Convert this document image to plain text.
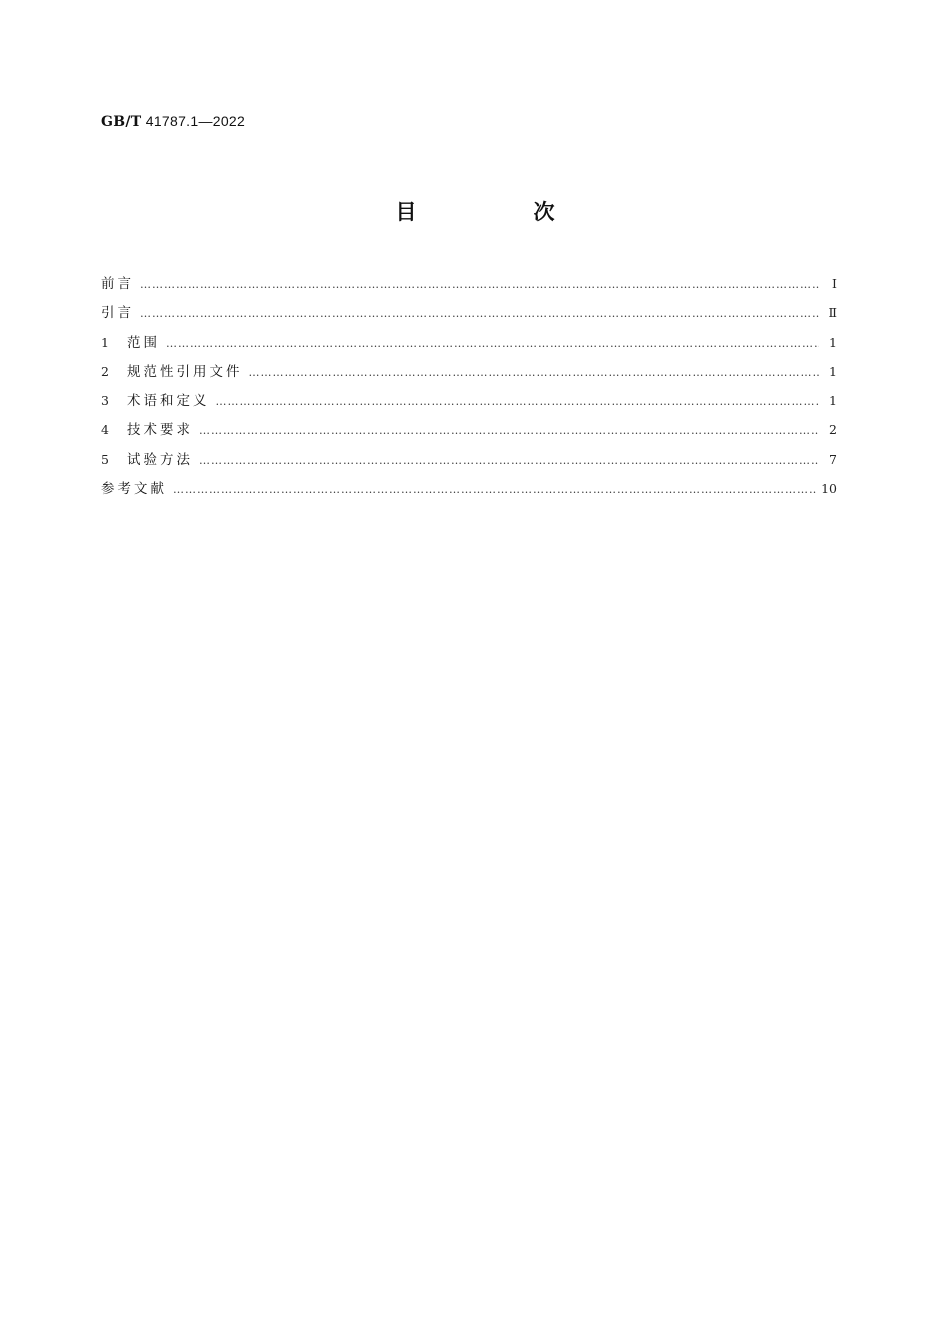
GB/T 41787.1—2022
目　次
前言 ……………………………………………………………………………………………………………………………………………………………………………………………………………………………………	Ⅰ
引言 ……………………………………………………………………………………………………………………………………………………………………………………………………………………………………	Ⅱ
1	范围 ……………………………………………………………………………………………………………………………………………………………………………………………………………………………………	1
2	规范性引用文件 ……………………………………………………………………………………………………………………………………………………………………………………………………………………………………	1
3	术语和定义 ……………………………………………………………………………………………………………………………………………………………………………………………………………………………………	1
4	技术要求 ……………………………………………………………………………………………………………………………………………………………………………………………………………………………………	2
5	试验方法 ……………………………………………………………………………………………………………………………………………………………………………………………………………………………………	7
参考文献 ……………………………………………………………………………………………………………………………………………………………………………………………………………………………………	10
